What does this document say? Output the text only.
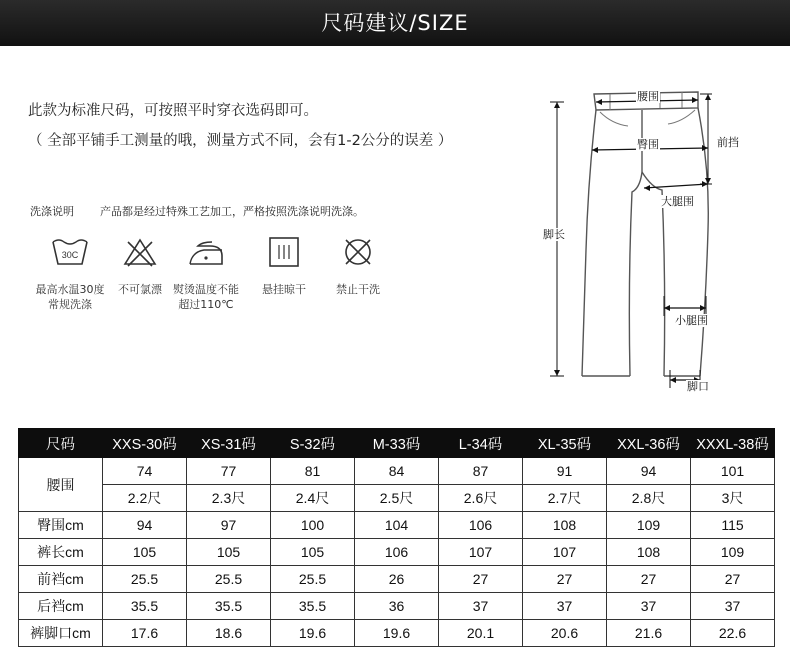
尺码建议/SIZE
此款为标准尺码，可按照平时穿衣选码即可。
（ 全部平铺手工测量的哦，测量方式不同，会有1-2公分的误差 ）
洗涤说明 产品都是经过特殊工艺加工，严格按照洗涤说明洗涤。
30C
最高水温30度
常规洗涤
不可氯漂	熨烫温度不能
超过110℃
悬挂晾干	禁止干洗
腰围
臀围	前挡
大腿围
脚长
小腿围
脚口
尺码	XXS-30码	XS-31码	S-32码	M-33码	L-34码	XL-35码	XXL-36码	XXXL-38码
腰围	74	77	81	84	87	91	94	101
	2.2尺	2.3尺	2.4尺	2.5尺	2.6尺	2.7尺	2.8尺	3尺
臀围cm	94	97	100	104	106	108	109	115
裤长cm	105	105	105	106	107	107	108	109
前裆cm	25.5	25.5	25.5	26	27	27	27	27
后裆cm	35.5	35.5	35.5	36	37	37	37	37
裤脚口cm	17.6	18.6	19.6	19.6	20.1	20.6	21.6	22.6
